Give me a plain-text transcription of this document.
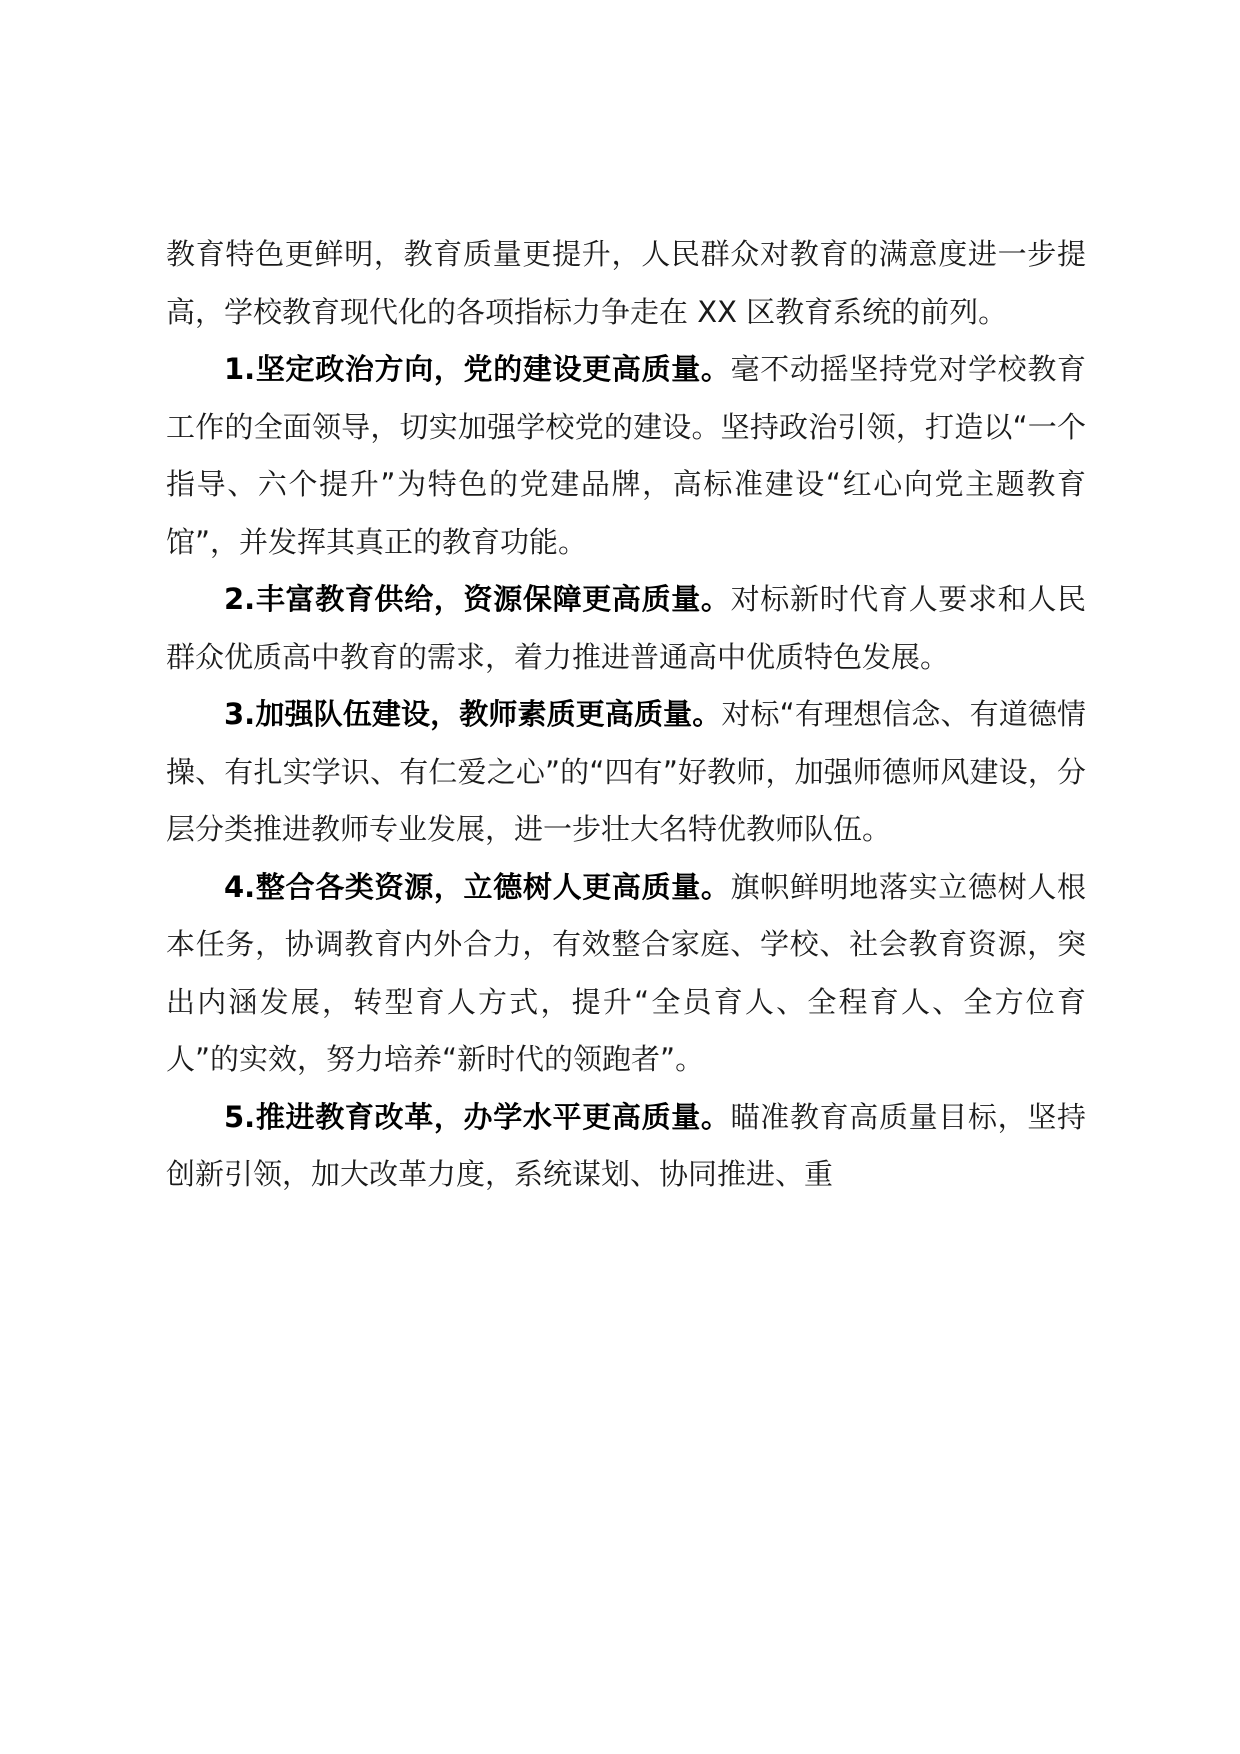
教育特色更鲜明，教育质量更提升，人民群众对教育的满意度进一步提高，学校教育现代化的各项指标力争走在 XX 区教育系统的前列。

1.坚定政治方向，党的建设更高质量。毫不动摇坚持党对学校教育工作的全面领导，切实加强学校党的建设。坚持政治引领，打造以“一个指导、六个提升”为特色的党建品牌，高标准建设“红心向党主题教育馆”，并发挥其真正的教育功能。

2.丰富教育供给，资源保障更高质量。对标新时代育人要求和人民群众优质高中教育的需求，着力推进普通高中优质特色发展。

3.加强队伍建设，教师素质更高质量。对标“有理想信念、有道德情操、有扎实学识、有仁爱之心”的“四有”好教师，加强师德师风建设，分层分类推进教师专业发展，进一步壮大名特优教师队伍。

4.整合各类资源，立德树人更高质量。旗帜鲜明地落实立德树人根本任务，协调教育内外合力，有效整合家庭、学校、社会教育资源，突出内涵发展，转型育人方式，提升“全员育人、全程育人、全方位育人”的实效，努力培养“新时代的领跑者”。

5.推进教育改革，办学水平更高质量。瞄准教育高质量目标，坚持创新引领，加大改革力度，系统谋划、协同推进、重
